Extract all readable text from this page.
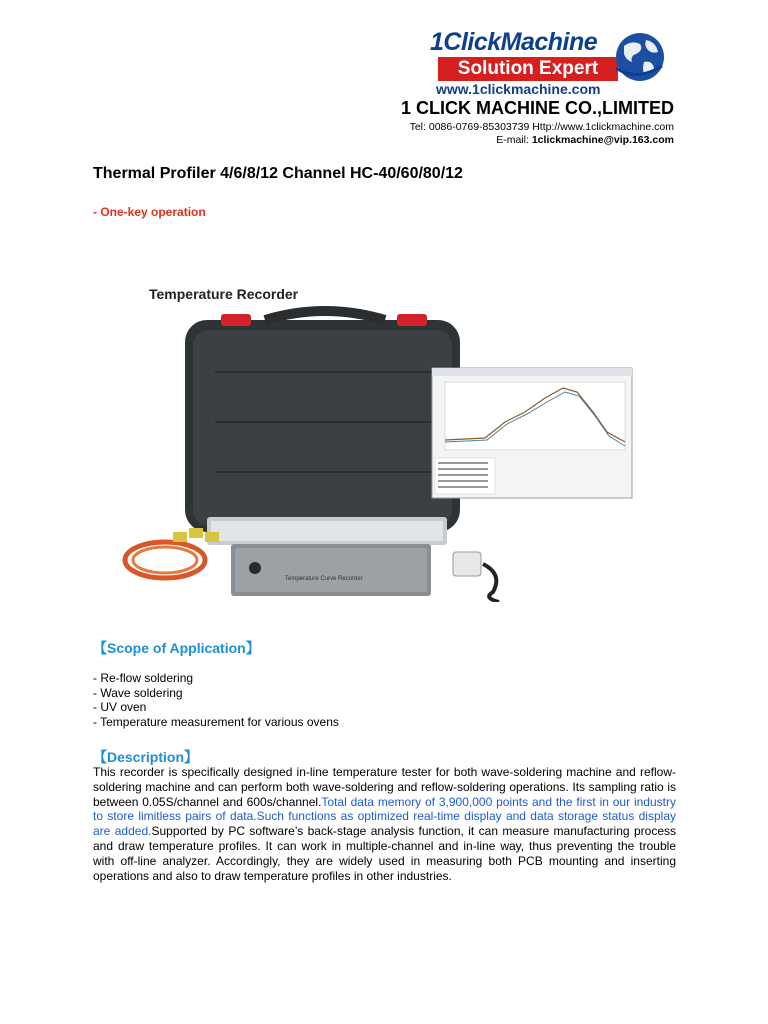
1ClickMachine
Solution Expert
www.1clickmachine.com
1 CLICK MACHINE CO.,LIMITED
Tel: 0086-0769-85303739 Http://www.1clickmachine.com
E-mail: 1clickmachine@vip.163.com
Thermal Profiler 4/6/8/12 Channel HC-40/60/80/12
- One-key operation
Temperature Curve Recorder
Temperature Recorder
【Scope of Application】
- Re-flow soldering
- Wave soldering
- UV oven
- Temperature measurement for various ovens
【Description】
This recorder is specifically designed in-line temperature tester for both wave-soldering machine and reflow-soldering machine and can perform both wave-soldering and reflow-soldering operations. Its sampling ratio is between 0.05S/channel and 600s/channel.Total data memory of 3,900,000 points and the first in our industry to store limitless pairs of data.Such functions as optimized real-time display and data storage status display are added.Supported by PC software’s back-stage analysis function, it can measure manufacturing process and draw temperature profiles. It can work in multiple-channel and in-line way, thus preventing the trouble with off-line analyzer. Accordingly, they are widely used in measuring both PCB mounting and inserting operations and also to draw temperature profiles in other industries.
